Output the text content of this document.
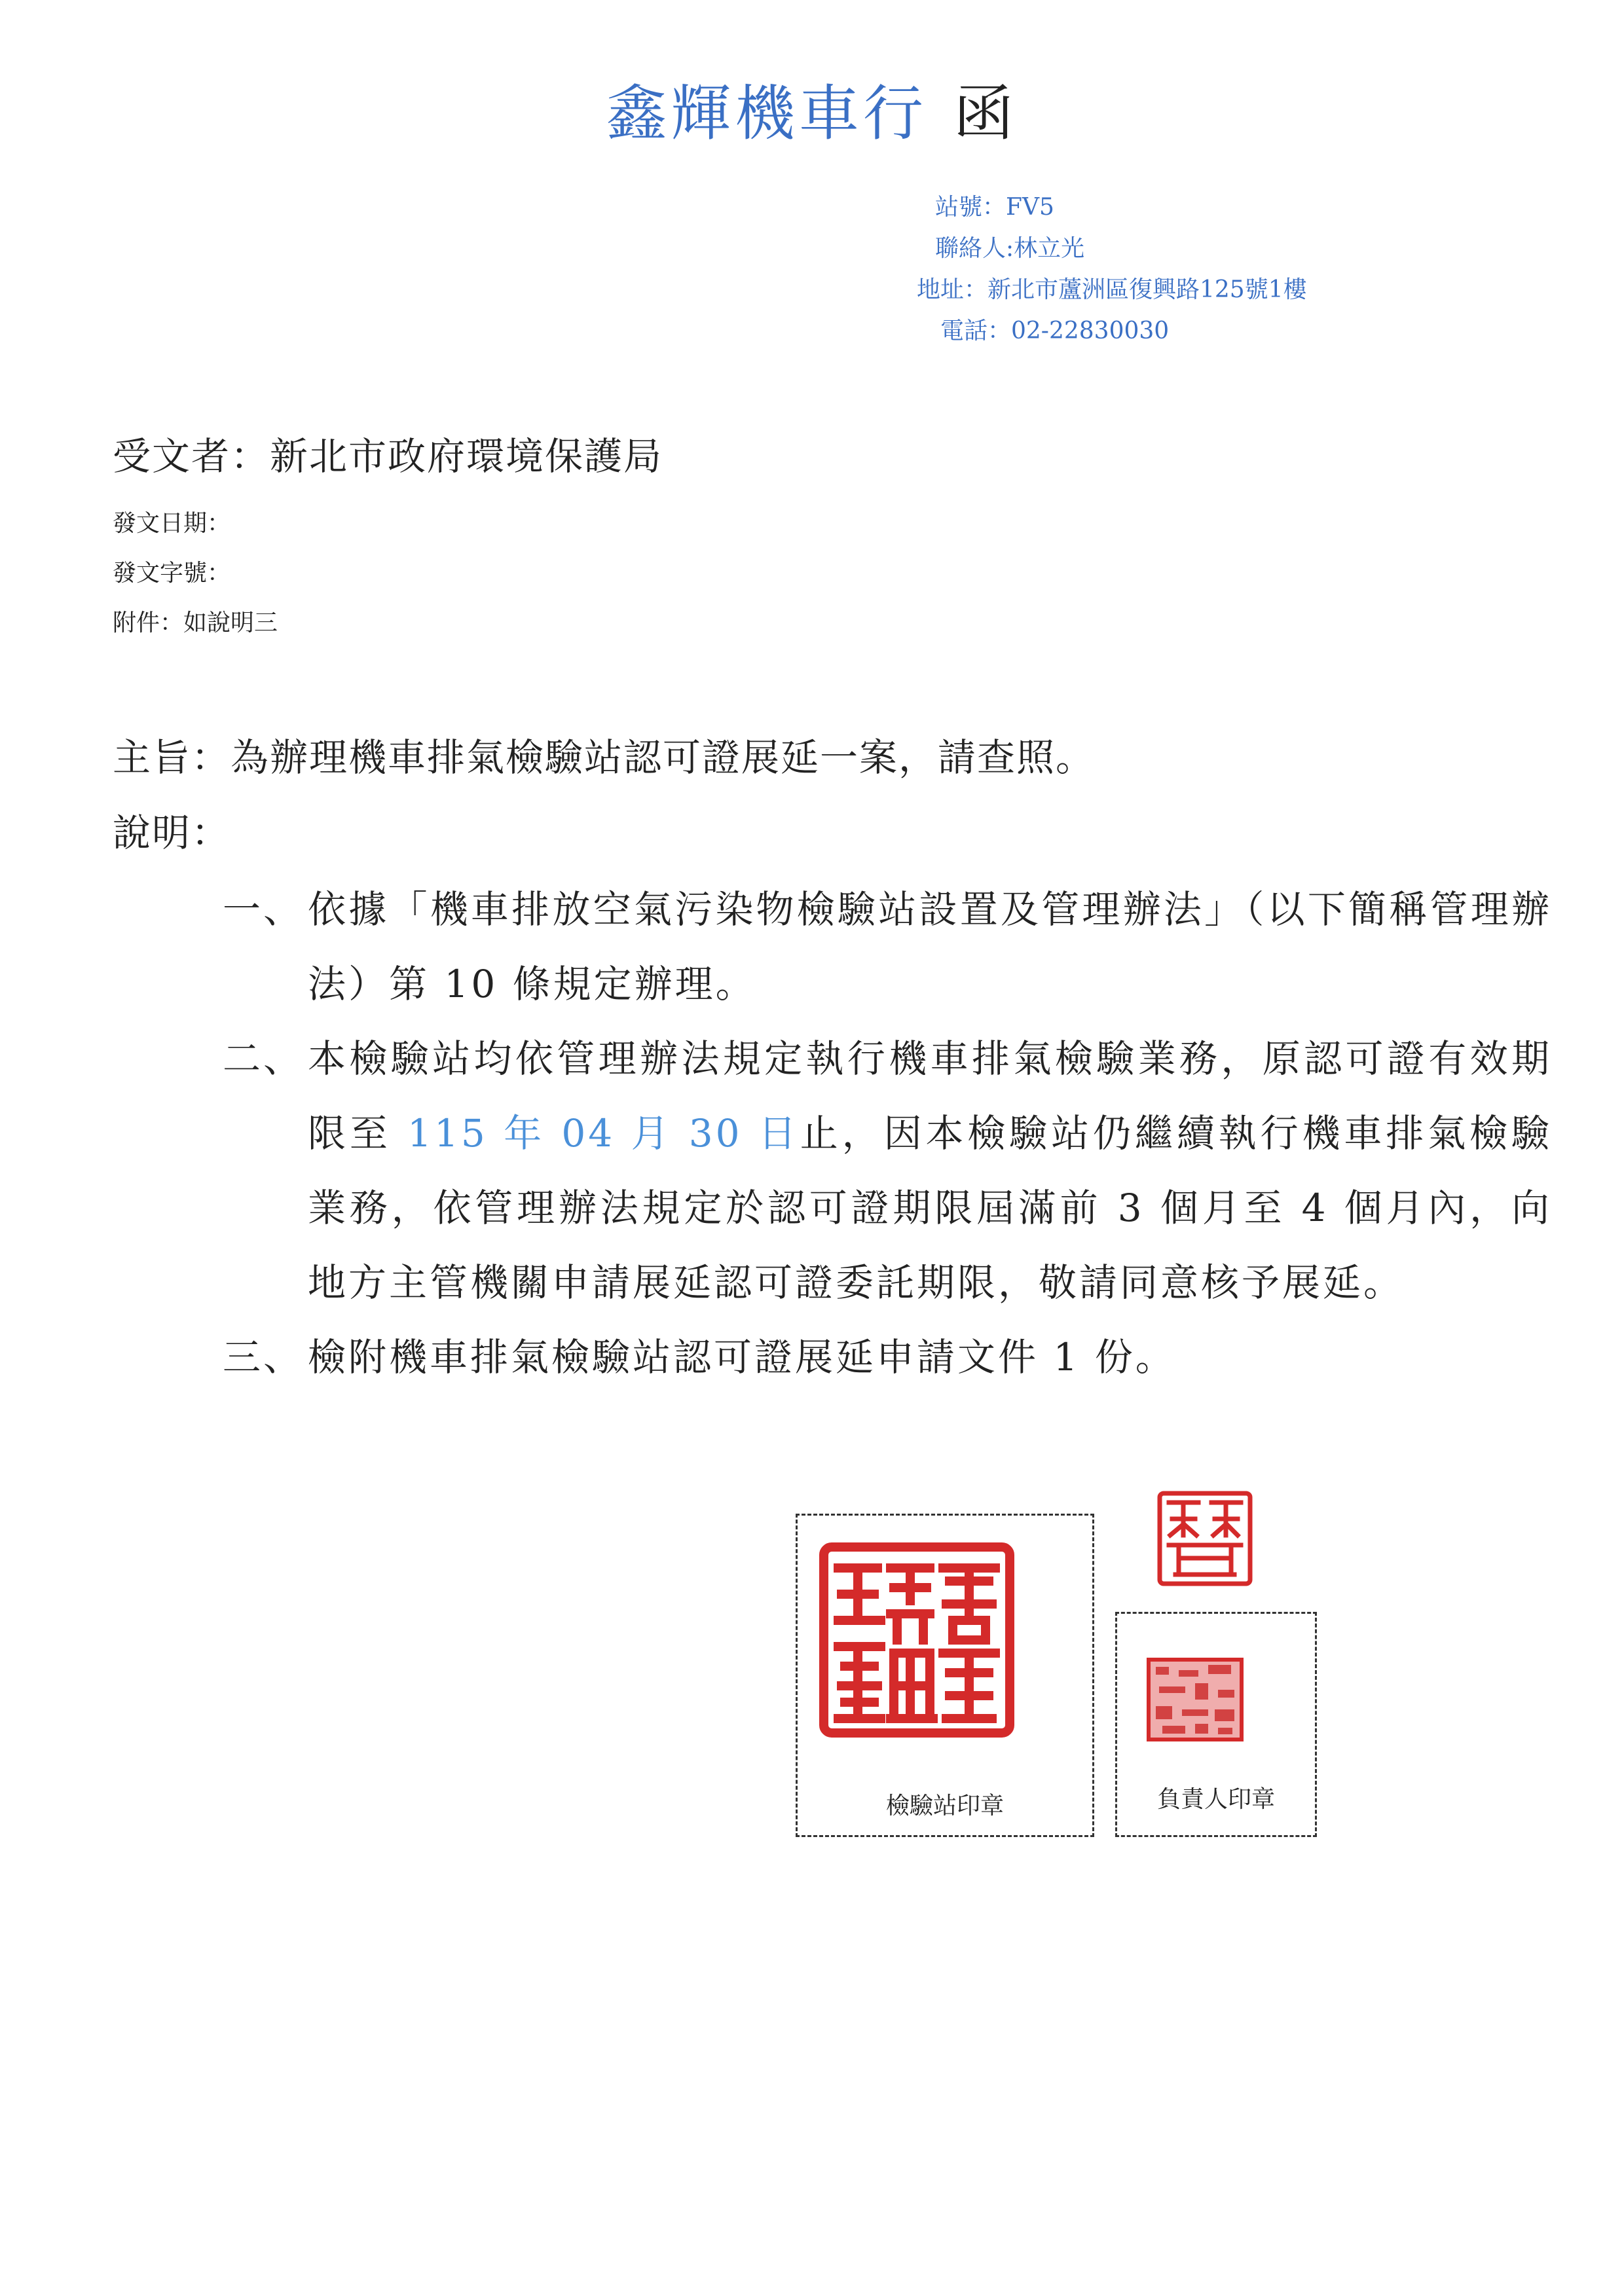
鑫輝機車行 函
站號：FV5
聯絡人:林立光
地址：新北市蘆洲區復興路125號1樓
電話：02-22830030
受文者：新北市政府環境保護局
發文日期：
發文字號：
附件：如說明三
主旨：為辦理機車排氣檢驗站認可證展延一案，請查照。
說明：
一、 依據「機車排放空氣污染物檢驗站設置及管理辦法」（以下簡稱管理辦法）第 10 條規定辦理。
二、 本檢驗站均依管理辦法規定執行機車排氣檢驗業務，原認可證有效期限至 115 年 04 月 30 日止，因本檢驗站仍繼續執行機車排氣檢驗業務，依管理辦法規定於認可證期限屆滿前 3 個月至 4 個月內，向地方主管機關申請展延認可證委託期限，敬請同意核予展延。
三、 檢附機車排氣檢驗站認可證展延申請文件 1 份。
檢驗站印章	負責人印章
